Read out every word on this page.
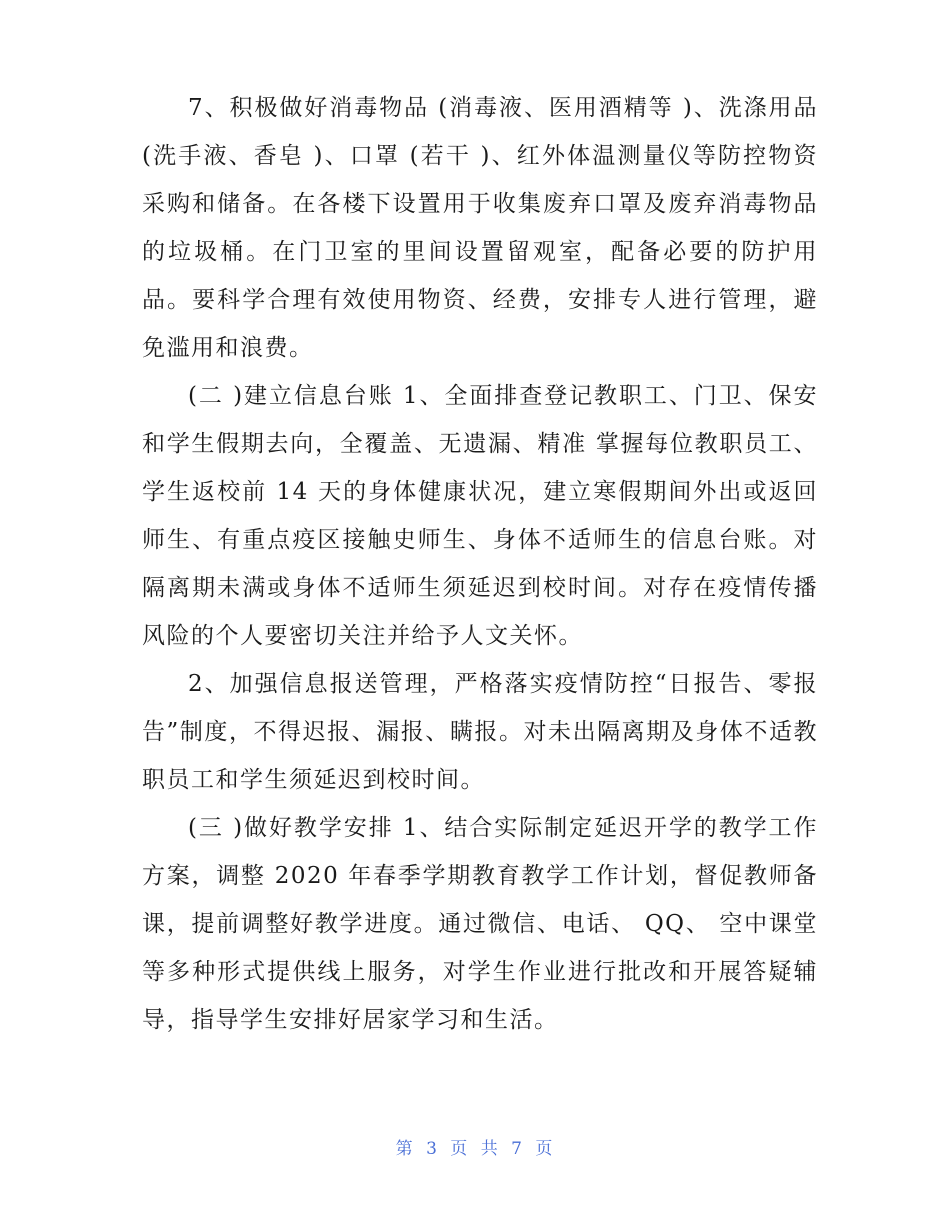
7、积极做好消毒物品 (消毒液、医用酒精等 )、洗涤用品 (洗手液、香皂 )、口罩 (若干 )、红外体温测量仪等防控物资采购和储备。在各楼下设置用于收集废弃口罩及废弃消毒物品的垃圾桶。在门卫室的里间设置留观室，配备必要的防护用品。要科学合理有效使用物资、经费，安排专人进行管理，避免滥用和浪费。

(二 )建立信息台账 1、全面排查登记教职工、门卫、保安和学生假期去向，全覆盖、无遗漏、精准 掌握每位教职员工、学生返校前 14 天的身体健康状况，建立寒假期间外出或返回师生、有重点疫区接触史师生、身体不适师生的信息台账。对隔离期未满或身体不适师生须延迟到校时间。对存在疫情传播风险的个人要密切关注并给予人文关怀。

2、加强信息报送管理，严格落实疫情防控“日报告、零报告”制度，不得迟报、漏报、瞒报。对未出隔离期及身体不适教职员工和学生须延迟到校时间。

(三 )做好教学安排 1、结合实际制定延迟开学的教学工作方案，调整 2020 年春季学期教育教学工作计划，督促教师备课，提前调整好教学进度。通过微信、电话、 QQ、 空中课堂等多种形式提供线上服务，对学生作业进行批改和开展答疑辅导，指导学生安排好居家学习和生活。

第 3 页 共 7 页
